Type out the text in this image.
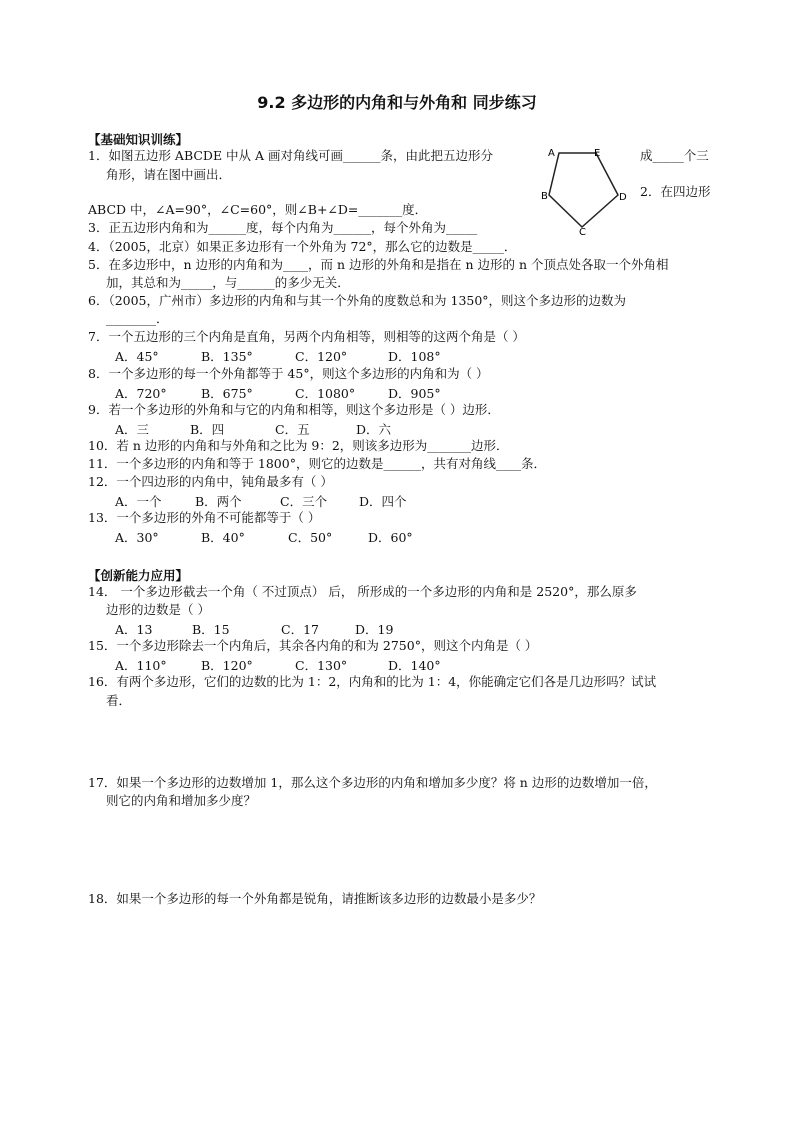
9.2 多边形的内角和与外角和 同步练习
【基础知识训练】
1．如图五边形 ABCDE 中从 A 画对角线可画______条，由此把五边形分	成_____个三
角形，请在图中画出．
A	E
B	D
C
2．在四边形
ABCD 中，∠A=90°，∠C=60°，则∠B+∠D=_______度．
3．正五边形内角和为______度，每个内角为______，每个外角为_____
4．（2005，北京）如果正多边形有一个外角为 72°，那么它的边数是_____．
5．在多边形中，n 边形的内角和为____，而 n 边形的外角和是指在 n 边形的 n 个顶点处各取一个外角相
加，其总和为_____，与______的多少无关．
6．（2005，广州市）多边形的内角和与其一个外角的度数总和为 1350°，则这个多边形的边数为
________．
7．一个五边形的三个内角是直角，另两个内角相等，则相等的这两个角是（ ）
A．45°	B．135°	C．120°	D．108°
8．一个多边形的每一个外角都等于 45°，则这个多边形的内角和为（ ）
A．720°	B．675°	C．1080°	D．905°
9．若一个多边形的外角和与它的内角和相等，则这个多边形是（ ）边形．
A．三	B．四	C．五	D．六
10．若 n 边形的内角和与外角和之比为 9：2，则该多边形为_______边形．
11．一个多边形的内角和等于 1800°，则它的边数是______，共有对角线____条．
12．一个四边形的内角中，钝角最多有（ ）
A．一个	B．两个	C．三个	D．四个
13．一个多边形的外角不可能都等于（ ）
A．30°	B．40°	C．50°	D．60°
【创新能力应用】
14． 一个多边形截去一个角（ 不过顶点） 后， 所形成的一个多边形的内角和是 2520°，那么原多
边形的边数是（ ）
A．13	B．15	C．17	D．19
15．一个多边形除去一个内角后，其余各内角的和为 2750°，则这个内角是（ ）
A．110°	B．120°	C．130°	D．140°
16．有两个多边形，它们的边数的比为 1：2，内角和的比为 1：4，你能确定它们各是几边形吗？试试
看．
17．如果一个多边形的边数增加 1，那么这个多边形的内角和增加多少度？将 n 边形的边数增加一倍，
则它的内角和增加多少度？
18．如果一个多边形的每一个外角都是锐角，请推断该多边形的边数最小是多少？
